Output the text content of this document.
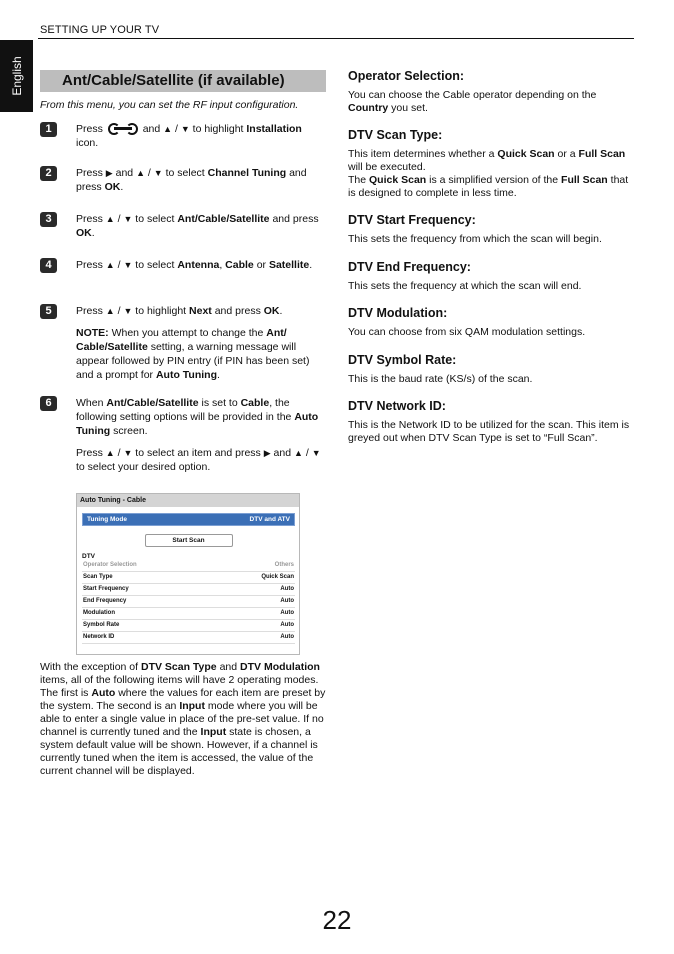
SETTING UP YOUR TV
English	Ant/Cable/Satellite (if available)
From this menu, you can set the RF input configuration.
1	Press	and ▲ / ▼ to highlight Installation icon.
2	Press ▶ and ▲ / ▼ to select Channel Tuning and press OK.
3	Press ▲ / ▼ to select Ant/Cable/Satellite and press OK.
4	Press ▲ / ▼ to select Antenna, Cable or Satellite.
5	Press ▲ / ▼ to highlight Next and press OK.
NOTE: When you attempt to change the Ant/ Cable/Satellite setting, a warning message will appear followed by PIN entry (if PIN has been set) and a prompt for Auto Tuning.
6	When Ant/Cable/Satellite is set to Cable, the following setting options will be provided in the Auto Tuning screen.
Press ▲ / ▼ to select an item and press ▶ and ▲ / ▼ to select your desired option.
Auto Tuning - Cable
Tuning Mode	DTV and ATV
Start Scan
DTV
Operator Selection	Others
Scan Type	Quick Scan
Start Frequency	Auto
End Frequency	Auto
Modulation	Auto
Symbol Rate	Auto
Network ID	Auto
With the exception of DTV Scan Type and DTV Modulation items, all of the following items will have 2 operating modes. The first is Auto where the values for each item are preset by the system. The second is an Input mode where you will be able to enter a single value in place of the pre-set value. If no channel is currently tuned and the Input state is chosen, a system default value will be shown. However, if a channel is currently tuned when the item is accessed, the value of the current channel will be displayed.
Operator Selection:
You can choose the Cable operator depending on the Country you set.
DTV Scan Type:
This item determines whether a Quick Scan or a Full Scan will be executed.
The Quick Scan is a simplified version of the Full Scan that is designed to complete in less time.
DTV Start Frequency:
This sets the frequency from which the scan will begin.
DTV End Frequency:
This sets the frequency at which the scan will end.
DTV Modulation:
You can choose from six QAM modulation settings.
DTV Symbol Rate:
This is the baud rate (KS/s) of the scan.
DTV Network ID:
This is the Network ID to be utilized for the scan. This item is greyed out when DTV Scan Type is set to “Full Scan”.
22
